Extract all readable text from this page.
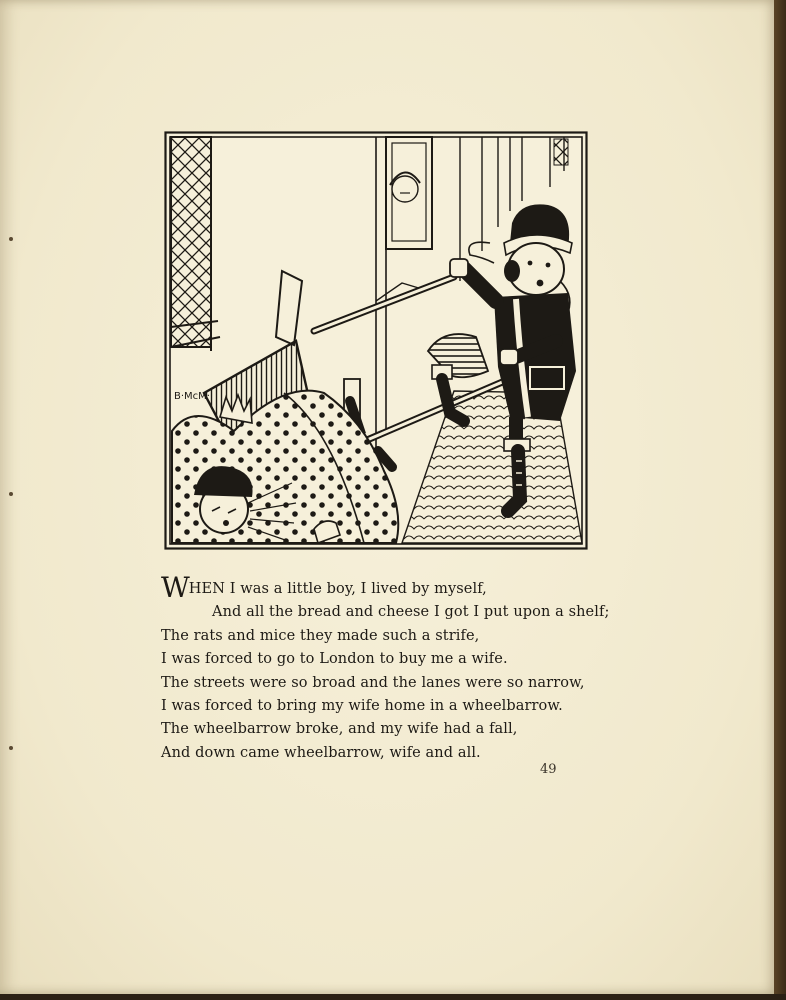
B·McM·
WHEN I was a little boy, I lived by myself,
And all the bread and cheese I got I put upon a shelf;
The rats and mice they made such a strife,
I was forced to go to London to buy me a wife.
The streets were so broad and the lanes were so narrow,
I was forced to bring my wife home in a wheelbarrow.
The wheelbarrow broke, and my wife had a fall,
And down came wheelbarrow, wife and all.
49
